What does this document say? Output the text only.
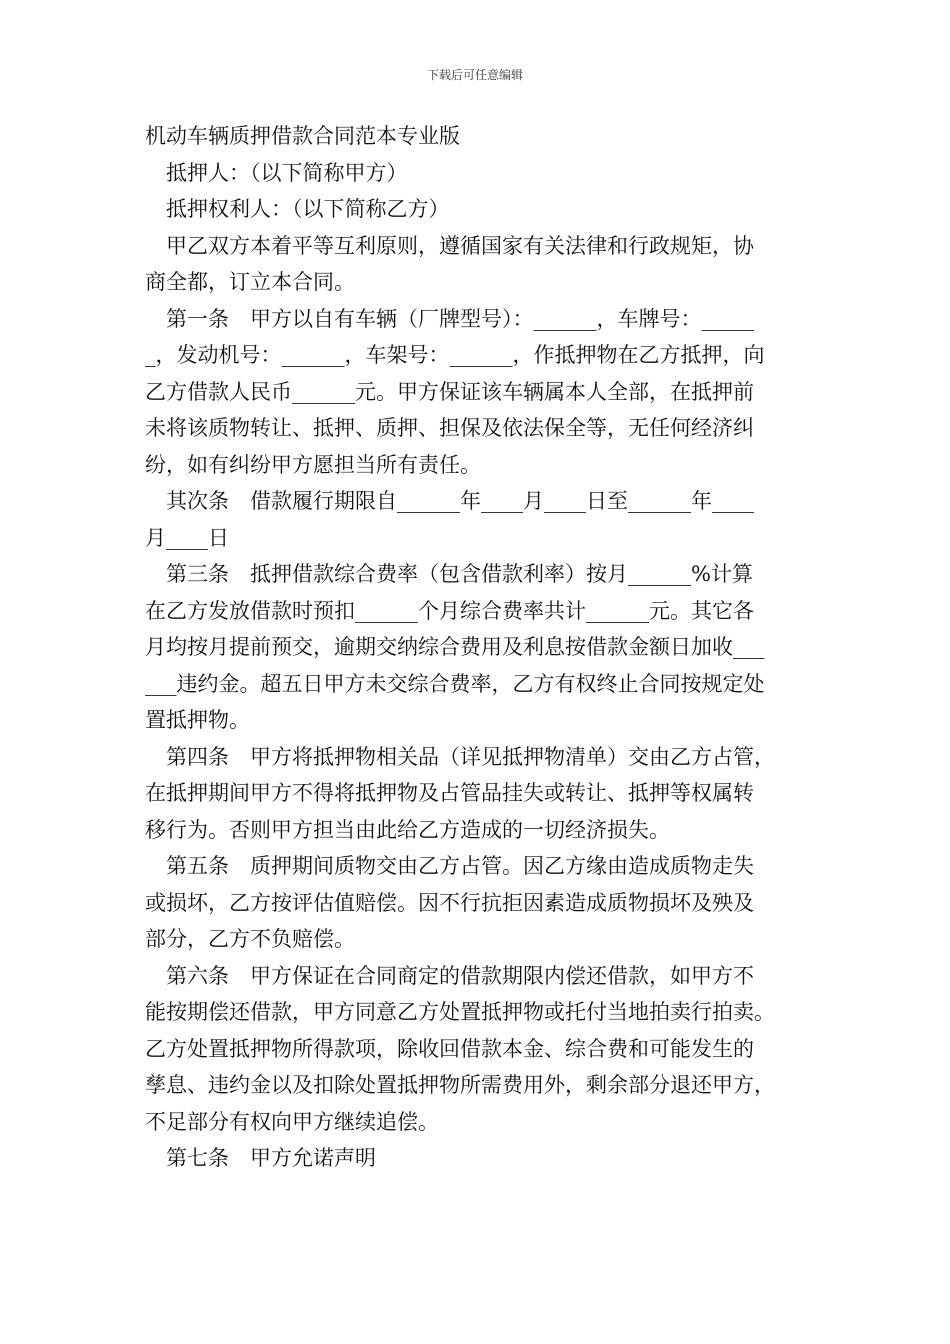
下载后可任意编辑
机动车辆质押借款合同范本专业版
抵押人：（以下简称甲方）
抵押权利人：（以下简称乙方）
甲乙双方本着平等互利原则，遵循国家有关法律和行政规矩，协
商全都，订立本合同。
第一条　甲方以自有车辆（厂牌型号）：______，车牌号：_____
_，发动机号：______，车架号：______，作抵押物在乙方抵押，向
乙方借款人民币______元。甲方保证该车辆属本人全部，在抵押前
未将该质物转让、抵押、质押、担保及依法保全等，无任何经济纠
纷，如有纠纷甲方愿担当所有责任。
其次条　借款履行期限自______年____月____日至______年____
月____日
第三条　抵押借款综合费率（包含借款利率）按月______%计算
在乙方发放借款时预扣______个月综合费率共计______元。其它各
月均按月提前预交，逾期交纳综合费用及利息按借款金额日加收___
___违约金。超五日甲方未交综合费率，乙方有权终止合同按规定处
置抵押物。
第四条　甲方将抵押物相关品（详见抵押物清单）交由乙方占管，
在抵押期间甲方不得将抵押物及占管品挂失或转让、抵押等权属转
移行为。否则甲方担当由此给乙方造成的一切经济损失。
第五条　质押期间质物交由乙方占管。因乙方缘由造成质物走失
或损坏，乙方按评估值赔偿。因不行抗拒因素造成质物损坏及殃及
部分，乙方不负赔偿。
第六条　甲方保证在合同商定的借款期限内偿还借款，如甲方不
能按期偿还借款，甲方同意乙方处置抵押物或托付当地拍卖行拍卖。
乙方处置抵押物所得款项，除收回借款本金、综合费和可能发生的
孳息、违约金以及扣除处置抵押物所需费用外，剩余部分退还甲方，
不足部分有权向甲方继续追偿。
第七条　甲方允诺声明
